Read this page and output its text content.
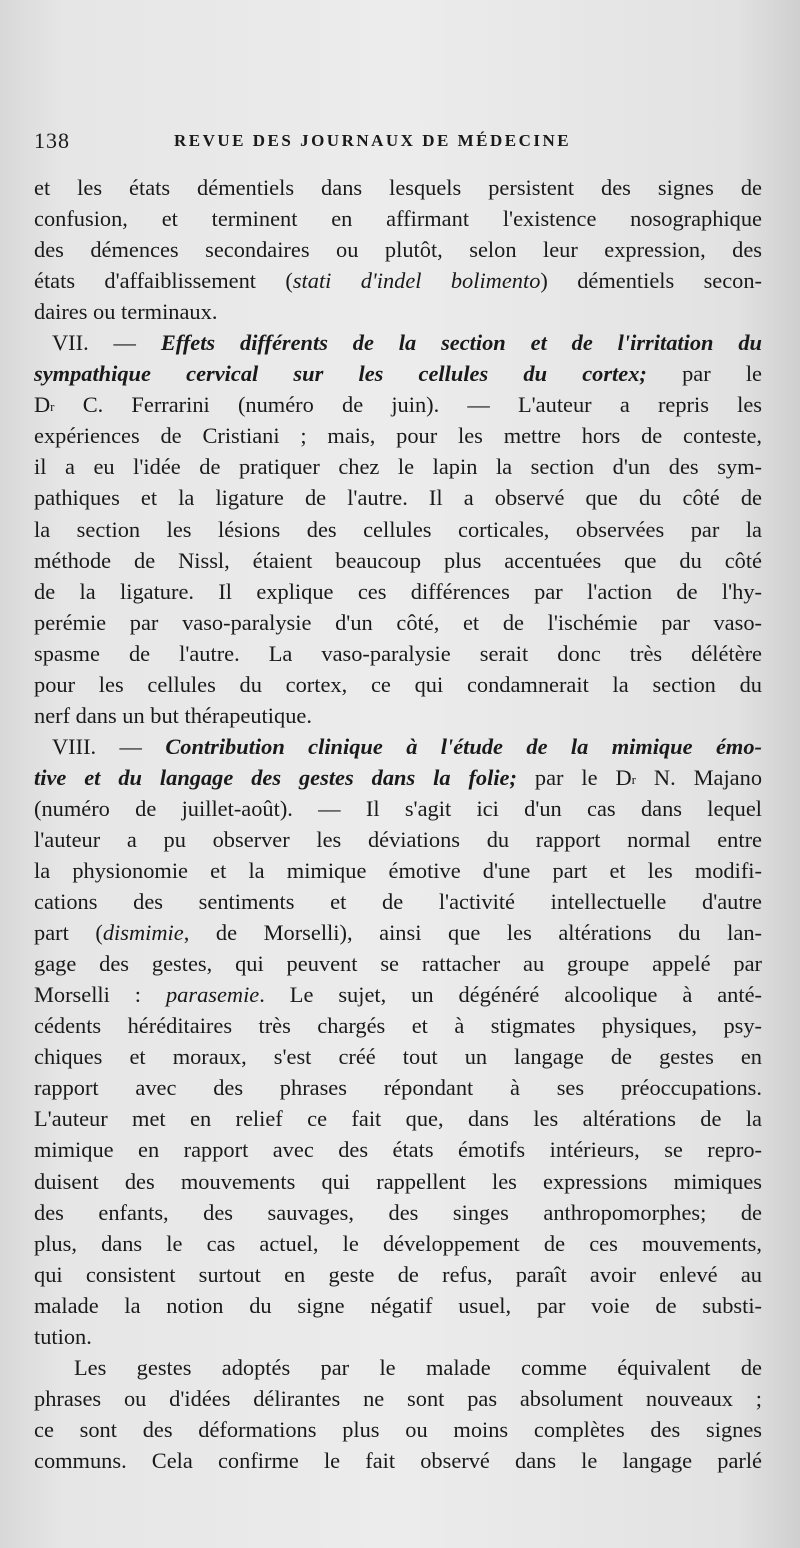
138	REVUE DES JOURNAUX DE MÉDECINE
et les états démentiels dans lesquels persistent des signes de
confusion, et terminent en affirmant l'existence nosographique
des démences secondaires ou plutôt, selon leur expression, des
états d'affaiblissement (stati d'indel bolimento) démentiels secon-
daires ou terminaux.
VII. — Effets différents de la section et de l'irritation du
sympathique cervical sur les cellules du cortex; par le
$D^r$ C. Ferrarini (numéro de juin). — L'auteur a repris les
expériences de Cristiani ; mais, pour les mettre hors de conteste,
il a eu l'idée de pratiquer chez le lapin la section d'un des sym-
pathiques et la ligature de l'autre. Il a observé que du côté de
la section les lésions des cellules corticales, observées par la
méthode de Nissl, étaient beaucoup plus accentuées que du côté
de la ligature. Il explique ces différences par l'action de l'hy-
perémie par vaso-paralysie d'un côté, et de l'ischémie par vaso-
spasme de l'autre. La vaso-paralysie serait donc très délétère
pour les cellules du cortex, ce qui condamnerait la section du
nerf dans un but thérapeutique.
VIII. — Contribution clinique à l'étude de la mimique émo-
tive et du langage des gestes dans la folie; par le $D^r$ N. Majano
(numéro de juillet-août). — Il s'agit ici d'un cas dans lequel
l'auteur a pu observer les déviations du rapport normal entre
la physionomie et la mimique émotive d'une part et les modifi-
cations des sentiments et de l'activité intellectuelle d'autre
part (dismimie, de Morselli), ainsi que les altérations du lan-
gage des gestes, qui peuvent se rattacher au groupe appelé par
Morselli : parasemie. Le sujet, un dégénéré alcoolique à anté-
cédents héréditaires très chargés et à stigmates physiques, psy-
chiques et moraux, s'est créé tout un langage de gestes en
rapport avec des phrases répondant à ses préoccupations.
L'auteur met en relief ce fait que, dans les altérations de la
mimique en rapport avec des états émotifs intérieurs, se repro-
duisent des mouvements qui rappellent les expressions mimiques
des enfants, des sauvages, des singes anthropomorphes; de
plus, dans le cas actuel, le développement de ces mouvements,
qui consistent surtout en geste de refus, paraît avoir enlevé au
malade la notion du signe négatif usuel, par voie de substi-
tution.
Les gestes adoptés par le malade comme équivalent de
phrases ou d'idées délirantes ne sont pas absolument nouveaux ;
ce sont des déformations plus ou moins complètes des signes
communs. Cela confirme le fait observé dans le langage parlé
